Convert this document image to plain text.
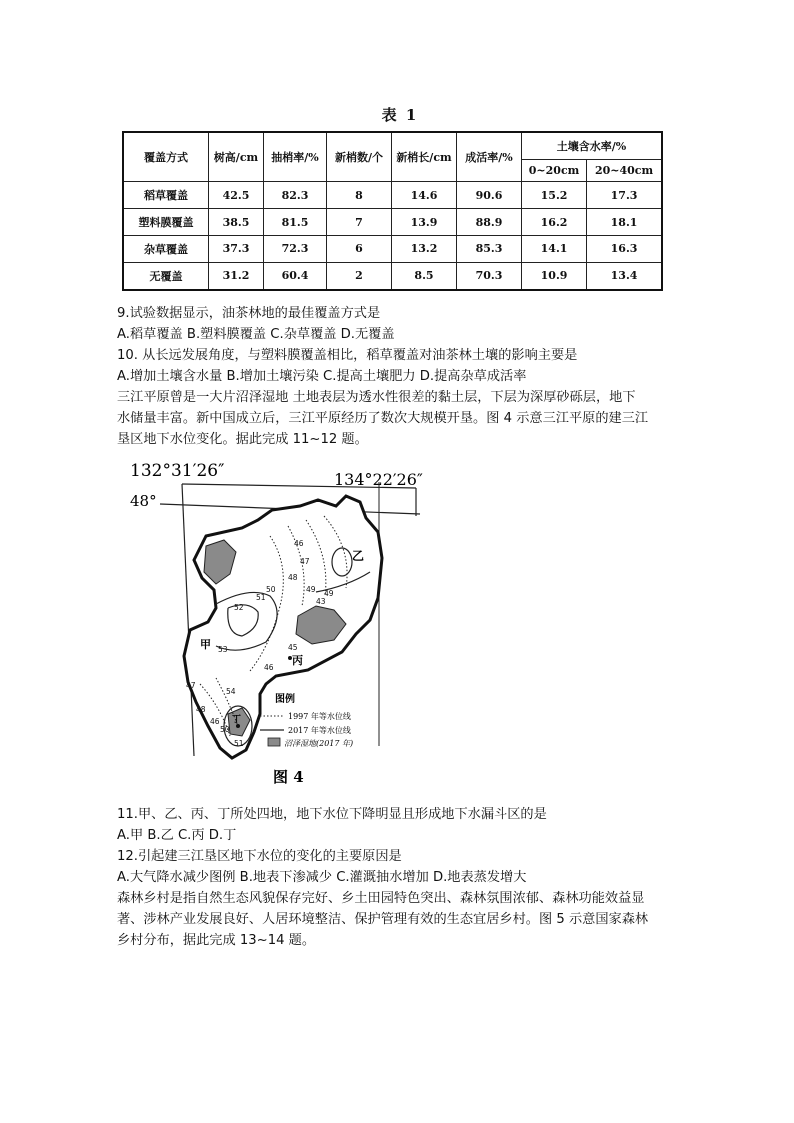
表 1
覆盖方式	树高/cm	抽梢率/%	新梢数/个	新梢长/cm	成活率/%	土壤含水率/%	
						0~20cm	20~40cm
稻草覆盖	42.5	82.3	8	14.6	90.6	15.2	17.3
塑料膜覆盖	38.5	81.5	7	13.9	88.9	16.2	18.1
杂草覆盖	37.3	72.3	6	13.2	85.3	14.1	16.3
无覆盖	31.2	60.4	2	8.5	70.3	10.9	13.4
9.试验数据显示，油茶林地的最佳覆盖方式是
A.稻草覆盖 B.塑料膜覆盖 C.杂草覆盖 D.无覆盖
10. 从长远发展角度，与塑料膜覆盖相比，稻草覆盖对油茶林土壤的影响主要是
A.增加土壤含水量 B.增加土壤污染 C.提高土壤肥力 D.提高杂草成活率
三江平原曾是一大片沼泽湿地 土地表层为透水性很差的黏土层，下层为深厚砂砾层，地下
水储量丰富。新中国成立后，三江平原经历了数次大规模开垦。图 4 示意三江平原的建三江
垦区地下水位变化。据此完成 11~12 题。
132°31′26″	134°22′26″
48°
46
47
48
49
43
49
50
51
52
53	45
46
47
54
48
50
51
46
甲
丙
乙
丁
图例
1997 年等水位线
2017 年等水位线
沼泽湿地(2017 年)
图 4
11.甲、乙、丙、丁所处四地，地下水位下降明显且形成地下水漏斗区的是
A.甲 B.乙 C.丙 D.丁
12.引起建三江垦区地下水位的变化的主要原因是
A.大气降水减少图例 B.地表下渗减少 C.灌溉抽水增加 D.地表蒸发增大
森林乡村是指自然生态风貌保存完好、乡土田园特色突出、森林氛围浓郁、森林功能效益显
著、涉林产业发展良好、人居环境整洁、保护管理有效的生态宜居乡村。图 5 示意国家森林
乡村分布，据此完成 13~14 题。
